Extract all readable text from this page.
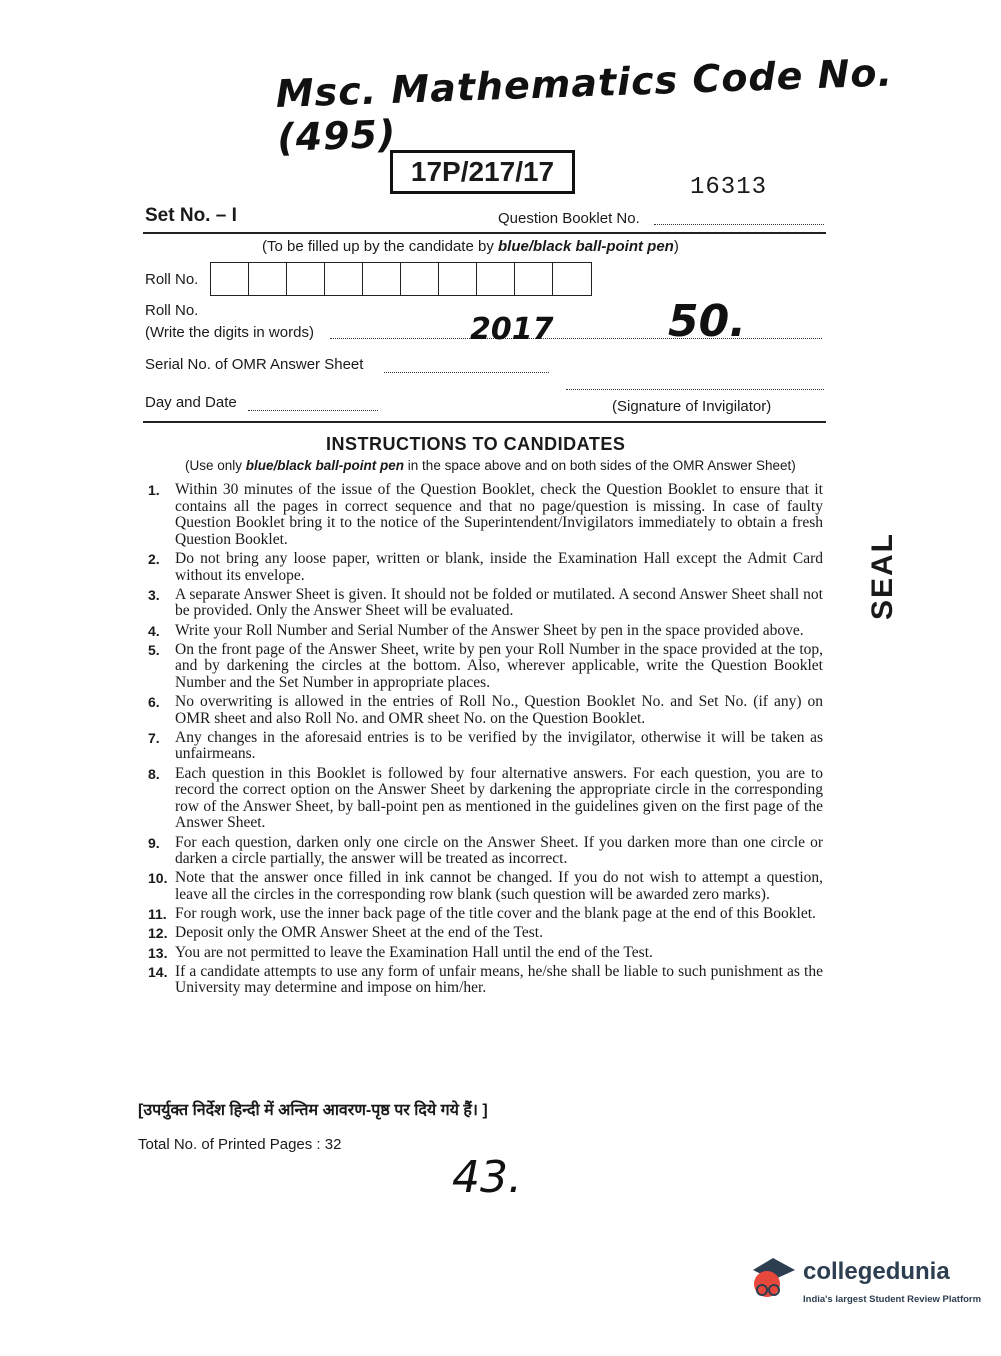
Msc. Mathematics Code No.(495)
17P/217/17
16313
Set No. – I	Question Booklet No.
(To be filled up by the candidate by blue/black ball-point pen)
Roll No.
Roll No.
(Write the digits in words)	2017	50.
Serial No. of OMR Answer Sheet
Day and Date	(Signature of Invigilator)
INSTRUCTIONS TO CANDIDATES
(Use only blue/black ball-point pen in the space above and on both sides of the OMR Answer Sheet)
1. Within 30 minutes of the issue of the Question Booklet, check the Question Booklet to ensure that it contains all the pages in correct sequence and that no page/question is missing. In case of faulty Question Booklet bring it to the notice of the Superintendent/Invigilators immediately to obtain a fresh Question Booklet.
2. Do not bring any loose paper, written or blank, inside the Examination Hall except the Admit Card without its envelope.
3. A separate Answer Sheet is given. It should not be folded or mutilated. A second Answer Sheet shall not be provided. Only the Answer Sheet will be evaluated.
4. Write your Roll Number and Serial Number of the Answer Sheet by pen in the space provided above.
5. On the front page of the Answer Sheet, write by pen your Roll Number in the space provided at the top, and by darkening the circles at the bottom. Also, wherever applicable, write the Question Booklet Number and the Set Number in appropriate places.
6. No overwriting is allowed in the entries of Roll No., Question Booklet No. and Set No. (if any) on OMR sheet and also Roll No. and OMR sheet No. on the Question Booklet.
7. Any changes in the aforesaid entries is to be verified by the invigilator, otherwise it will be taken as unfairmeans.
8. Each question in this Booklet is followed by four alternative answers. For each question, you are to record the correct option on the Answer Sheet by darkening the appropriate circle in the corresponding row of the Answer Sheet, by ball-point pen as mentioned in the guidelines given on the first page of the Answer Sheet.
9. For each question, darken only one circle on the Answer Sheet. If you darken more than one circle or darken a circle partially, the answer will be treated as incorrect.
10. Note that the answer once filled in ink cannot be changed. If you do not wish to attempt a question, leave all the circles in the corresponding row blank (such question will be awarded zero marks).
11. For rough work, use the inner back page of the title cover and the blank page at the end of this Booklet.
12. Deposit only the OMR Answer Sheet at the end of the Test.
13. You are not permitted to leave the Examination Hall until the end of the Test.
14. If a candidate attempts to use any form of unfair means, he/she shall be liable to such punishment as the University may determine and impose on him/her.
[उपर्युक्त निर्देश हिन्दी में अन्तिम आवरण-पृष्ठ पर दिये गये हैं। ]
Total No. of Printed Pages : 32
43.
SEAL
collegedunia
India's largest Student Review Platform
